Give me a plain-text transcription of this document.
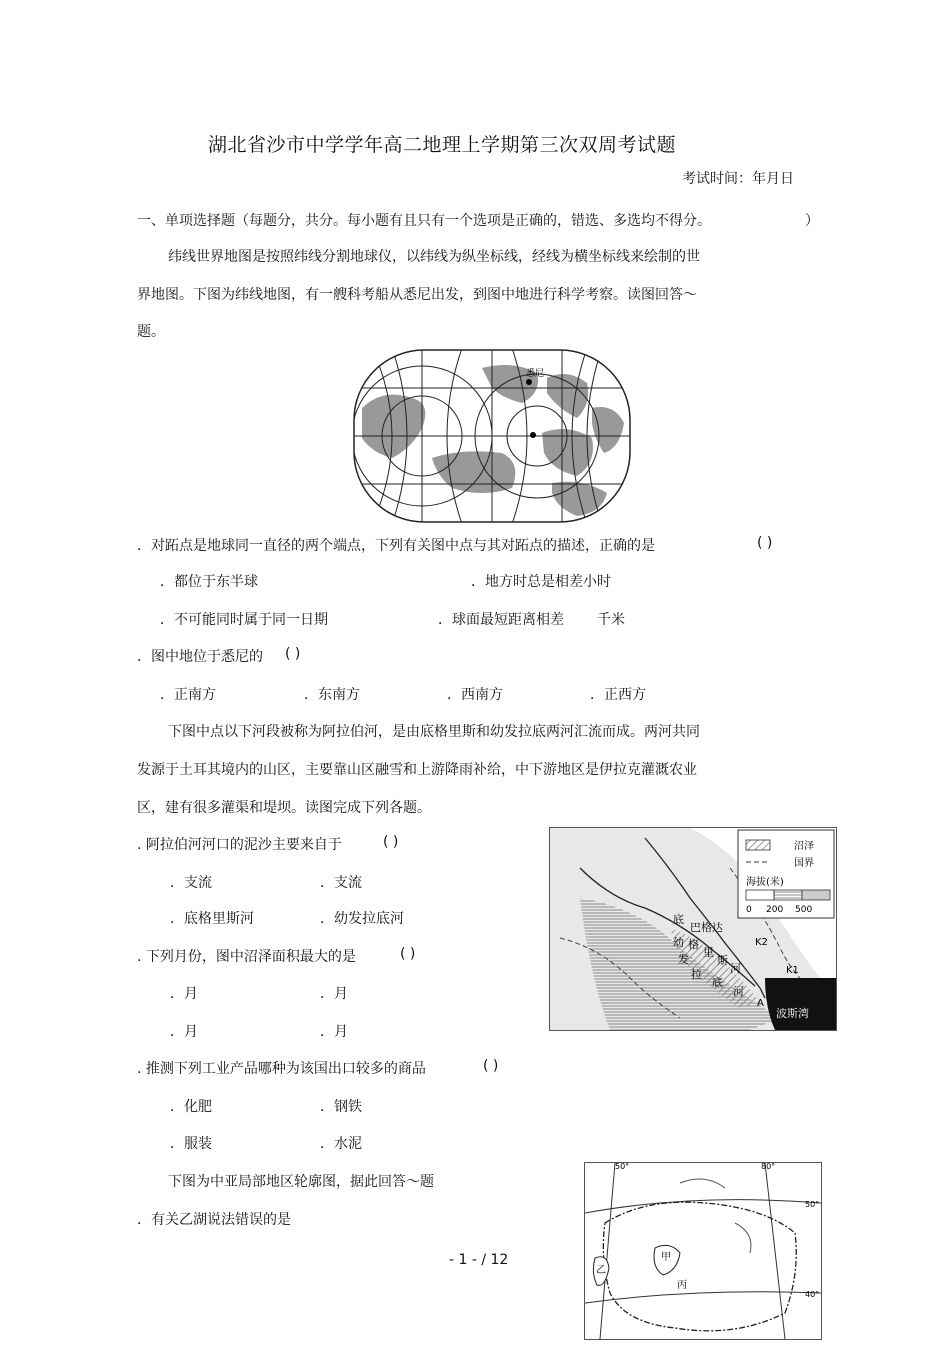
湖北省沙市中学学年高二地理上学期第三次双周考试题
考试时间：年月日
一、单项选择题（每题分，共分。每小题有且只有一个选项是正确的，错选、多选均不得分。	）
纬线世界地图是按照纬线分割地球仪，以纬线为纵坐标线，经线为横坐标线来绘制的世
界地图。下图为纬线地图，有一艘科考船从悉尼出发，到图中地进行科学考察。读图回答～
题。
悉尼
．对跖点是地球同一直径的两个端点，下列有关图中点与其对跖点的描述，正确的是	( )
．都位于东半球	．地方时总是相差小时
．不可能同时属于同一日期	．球面最短距离相差 千米
．图中地位于悉尼的 ( )
．正南方	．东南方	．西南方	．正西方
下图中点以下河段被称为阿拉伯河，是由底格里斯和幼发拉底两河汇流而成。两河共同
发源于土耳其境内的山区，主要靠山区融雪和上游降雨补给，中下游地区是伊拉克灌溉农业
区，建有很多灌渠和堤坝。读图完成下列各题。
. 阿拉伯河河口的泥沙主要来自于	( )
．支流	．支流
．底格里斯河	．幼发拉底河
. 下列月份，图中沼泽面积最大的是	( )
．月	．月
．月	．月
波斯湾
沼泽
国界
海拔(米)
0 200 500
底
巴格达
格
里
斯
河
幼
发
拉
底
河
K2
K1
A
. 推测下列工业产品哪种为该国出口较多的商品	( )
．化肥	．钢铁
．服装	．水泥
下图为中亚局部地区轮廓图，据此回答～题
．有关乙湖说法错误的是
50°	80°
50°
40°
甲
乙
丙
- 1 - / 12
